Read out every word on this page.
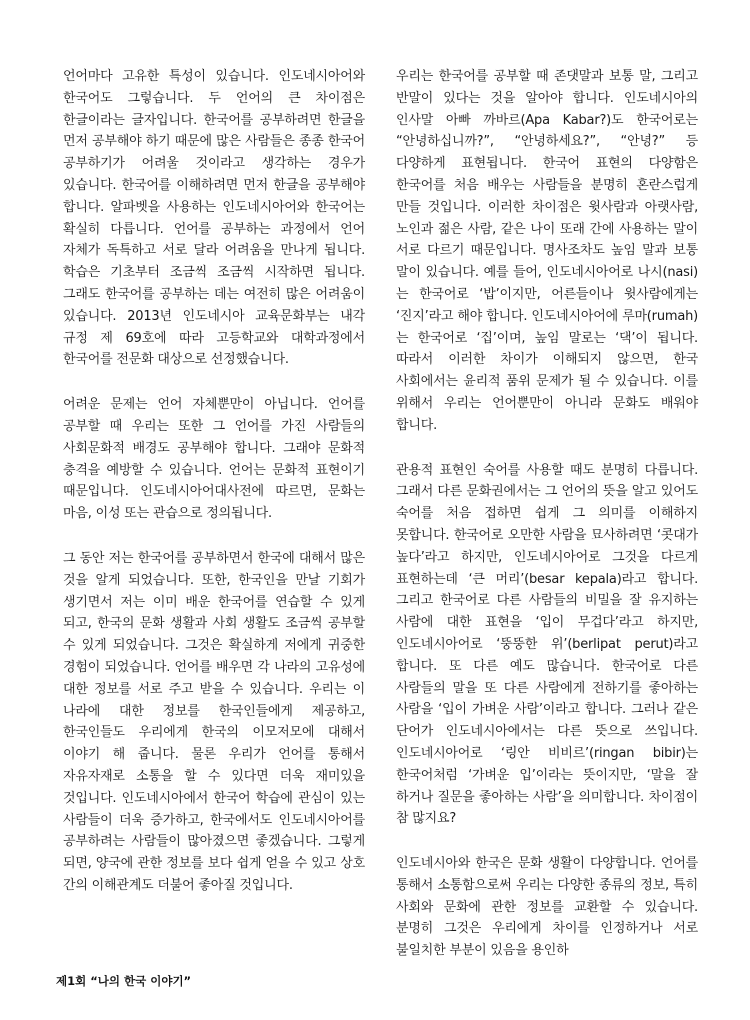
언어마다 고유한 특성이 있습니다. 인도네시아어와 한국어도 그렇습니다. 두 언어의 큰 차이점은 한글이라는 글자입니다. 한국어를 공부하려면 한글을 먼저 공부해야 하기 때문에 많은 사람들은 종종 한국어 공부하기가 어려울 것이라고 생각하는 경우가 있습니다. 한국어를 이해하려면 먼저 한글을 공부해야 합니다. 알파벳을 사용하는 인도네시아어와 한국어는 확실히 다릅니다. 언어를 공부하는 과정에서 언어 자체가 독특하고 서로 달라 어려움을 만나게 됩니다. 학습은 기초부터 조금씩 조금씩 시작하면 됩니다. 그래도 한국어를 공부하는 데는 여전히 많은 어려움이 있습니다. 2013년 인도네시아 교육문화부는 내각 규정 제 69호에 따라 고등학교와 대학과정에서 한국어를 전문화 대상으로 선정했습니다.

어려운 문제는 언어 자체뿐만이 아닙니다. 언어를 공부할 때 우리는 또한 그 언어를 가진 사람들의 사회문화적 배경도 공부해야 합니다. 그래야 문화적 충격을 예방할 수 있습니다. 언어는 문화적 표현이기 때문입니다. 인도네시아어대사전에 따르면, 문화는 마음, 이성 또는 관습으로 정의됩니다.

그 동안 저는 한국어를 공부하면서 한국에 대해서 많은 것을 알게 되었습니다. 또한, 한국인을 만날 기회가 생기면서 저는 이미 배운 한국어를 연습할 수 있게 되고, 한국의 문화 생활과 사회 생활도 조금씩 공부할 수 있게 되었습니다. 그것은 확실하게 저에게 귀중한 경험이 되었습니다. 언어를 배우면 각 나라의 고유성에 대한 정보를 서로 주고 받을 수 있습니다. 우리는 이 나라에 대한 정보를 한국인들에게 제공하고, 한국인들도 우리에게 한국의 이모저모에 대해서 이야기 해 줍니다. 물론 우리가 언어를 통해서 자유자재로 소통을 할 수 있다면 더욱 재미있을 것입니다. 인도네시아에서 한국어 학습에 관심이 있는 사람들이 더욱 증가하고, 한국에서도 인도네시아어를 공부하려는 사람들이 많아졌으면 좋겠습니다. 그렇게 되면, 양국에 관한 정보를 보다 쉽게 얻을 수 있고 상호 간의 이해관계도 더불어 좋아질 것입니다.

우리는 한국어를 공부할 때 존댓말과 보통 말, 그리고 반말이 있다는 것을 알아야 합니다. 인도네시아의 인사말 아빠 까바르(Apa Kabar?)도 한국어로는 “안녕하십니까?”, “안녕하세요?”, “안녕?” 등 다양하게 표현됩니다. 한국어 표현의 다양함은 한국어를 처음 배우는 사람들을 분명히 혼란스럽게 만들 것입니다. 이러한 차이점은 윗사람과 아랫사람, 노인과 젊은 사람, 같은 나이 또래 간에 사용하는 말이 서로 다르기 때문입니다. 명사조차도 높임 말과 보통 말이 있습니다. 예를 들어, 인도네시아어로 나시(nasi)는 한국어로 ‘밥’이지만, 어른들이나 윗사람에게는 ‘진지’라고 해야 합니다. 인도네시아어에 루마(rumah)는 한국어로 ‘집’이며, 높임 말로는 ‘댁’이 됩니다. 따라서 이러한 차이가 이해되지 않으면, 한국 사회에서는 윤리적 품위 문제가 될 수 있습니다. 이를 위해서 우리는 언어뿐만이 아니라 문화도 배워야 합니다.

관용적 표현인 숙어를 사용할 때도 분명히 다릅니다. 그래서 다른 문화권에서는 그 언어의 뜻을 알고 있어도 숙어를 처음 접하면 쉽게 그 의미를 이해하지 못합니다. 한국어로 오만한 사람을 묘사하려면 ‘콧대가 높다’라고 하지만, 인도네시아어로 그것을 다르게 표현하는데 ‘큰 머리’(besar kepala)라고 합니다. 그리고 한국어로 다른 사람들의 비밀을 잘 유지하는 사람에 대한 표현을 ‘입이 무겁다’라고 하지만, 인도네시아어로 ‘뚱뚱한 위’(berlipat perut)라고 합니다. 또 다른 예도 많습니다. 한국어로 다른 사람들의 말을 또 다른 사람에게 전하기를 좋아하는 사람을 ‘입이 가벼운 사람’이라고 합니다. 그러나 같은 단어가 인도네시아에서는 다른 뜻으로 쓰입니다. 인도네시아어로 ‘링안 비비르’(ringan bibir)는 한국어처럼 ‘가벼운 입’이라는 뜻이지만, ‘말을 잘 하거나 질문을 좋아하는 사람’을 의미합니다. 차이점이 참 많지요?

인도네시아와 한국은 문화 생활이 다양합니다. 언어를 통해서 소통함으로써 우리는 다양한 종류의 정보, 특히 사회와 문화에 관한 정보를 교환할 수 있습니다. 분명히 그것은 우리에게 차이를 인정하거나 서로 불일치한 부분이 있음을 용인하

제1회 “나의 한국 이야기”
